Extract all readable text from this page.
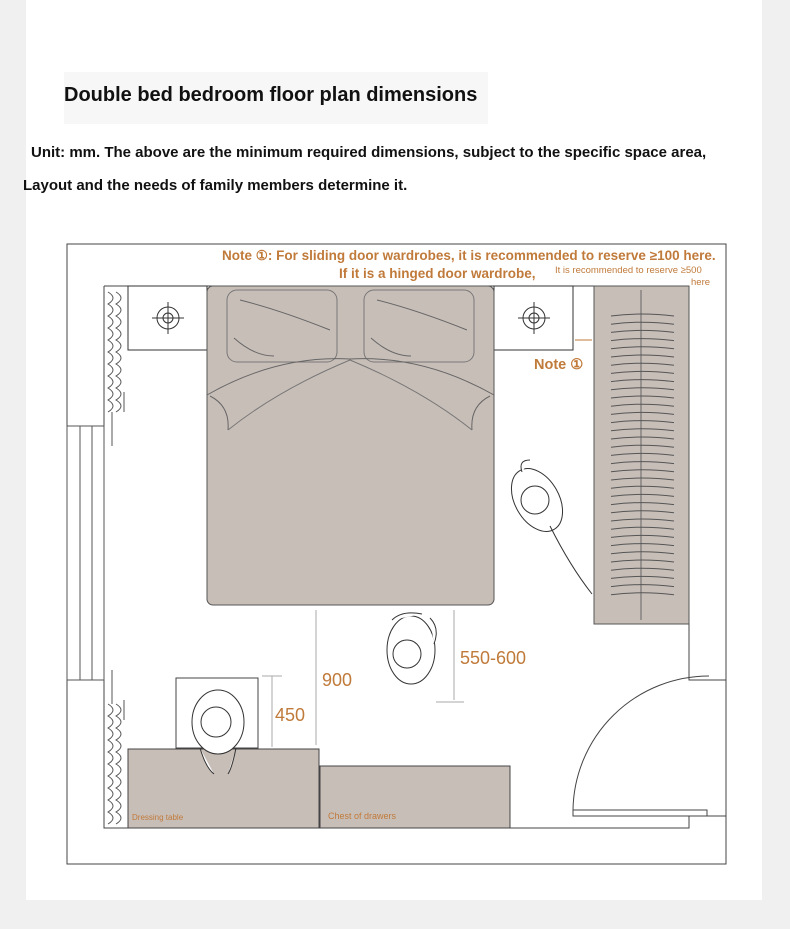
Double bed bedroom floor plan dimensions
Unit: mm. The above are the minimum required dimensions, subject to the specific space area,
Layout and the needs of family members determine it.
Note ①: For sliding door wardrobes, it is recommended to reserve ≥100 here.
If it is a hinged door wardrobe, It is recommended to reserve ≥500
here
Note ①
900
450
550-600
Dressing table	Chest of drawers
